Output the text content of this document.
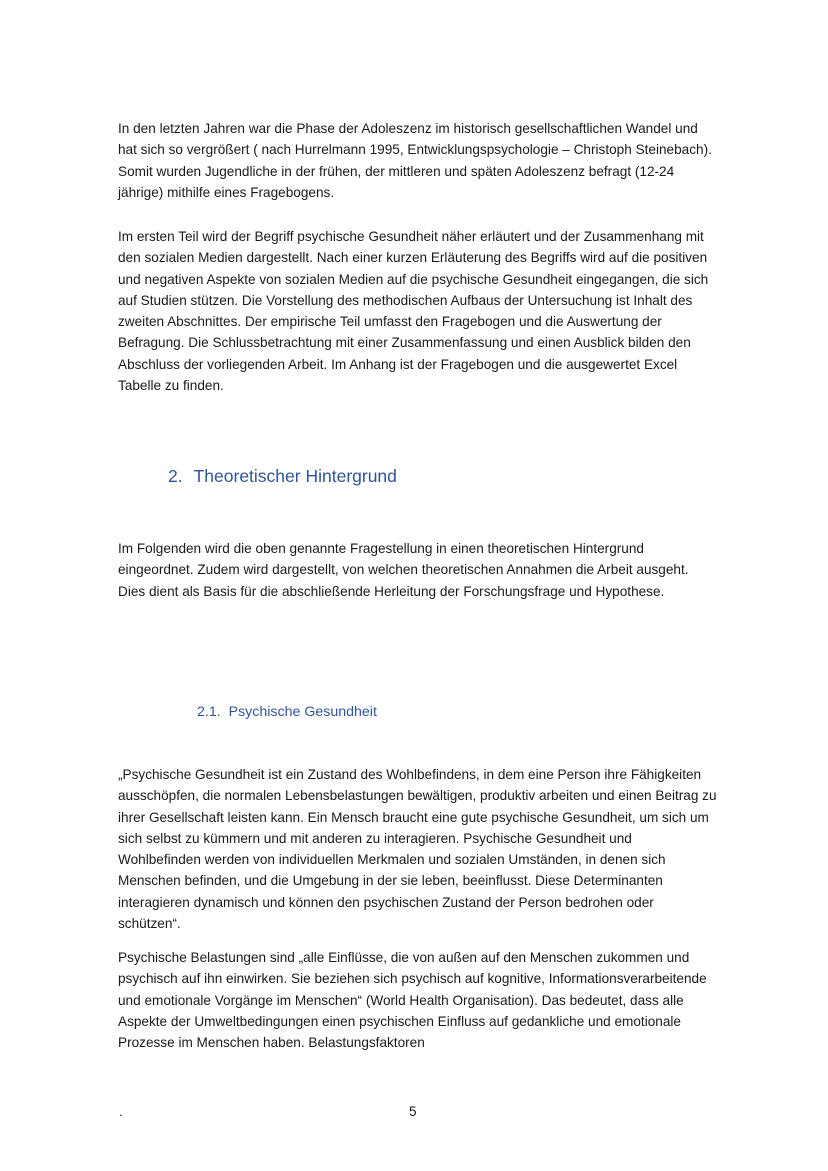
In den letzten Jahren war die Phase der Adoleszenz im historisch gesellschaftlichen Wandel und hat sich so vergrößert ( nach Hurrelmann 1995, Entwicklungspsychologie – Christoph Steinebach). Somit wurden Jugendliche in der frühen, der mittleren und späten Adoleszenz befragt (12-24 jährige) mithilfe eines Fragebogens.

Im ersten Teil wird der Begriff psychische Gesundheit näher erläutert und der Zusammenhang mit den sozialen Medien dargestellt. Nach einer kurzen Erläuterung des Begriffs wird auf die positiven und negativen Aspekte von sozialen Medien auf die psychische Gesundheit eingegangen, die sich auf Studien stützen. Die Vorstellung des methodischen Aufbaus der Untersuchung ist Inhalt des zweiten Abschnittes. Der empirische Teil umfasst den Fragebogen und die Auswertung der Befragung. Die Schlussbetrachtung mit einer Zusammenfassung und einen Ausblick bilden den Abschluss der vorliegenden Arbeit. Im Anhang ist der Fragebogen und die ausgewertet Excel Tabelle zu finden.

2. Theoretischer Hintergrund

Im Folgenden wird die oben genannte Fragestellung in einen theoretischen Hintergrund eingeordnet. Zudem wird dargestellt, von welchen theoretischen Annahmen die Arbeit ausgeht. Dies dient als Basis für die abschließende Herleitung der Forschungsfrage und Hypothese.

2.1. Psychische Gesundheit

„Psychische Gesundheit ist ein Zustand des Wohlbefindens, in dem eine Person ihre Fähigkeiten ausschöpfen, die normalen Lebensbelastungen bewältigen, produktiv arbeiten und einen Beitrag zu ihrer Gesellschaft leisten kann. Ein Mensch braucht eine gute psychische Gesundheit, um sich um sich selbst zu kümmern und mit anderen zu interagieren. Psychische Gesundheit und Wohlbefinden werden von individuellen Merkmalen und sozialen Umständen, in denen sich Menschen befinden, und die Umgebung in der sie leben, beeinflusst. Diese Determinanten interagieren dynamisch und können den psychischen Zustand der Person bedrohen oder schützen“.

Psychische Belastungen sind „alle Einflüsse, die von außen auf den Menschen zukommen und psychisch auf ihn einwirken. Sie beziehen sich psychisch auf kognitive, Informationsverarbeitende und emotionale Vorgänge im Menschen“ (World Health Organisation). Das bedeutet, dass alle Aspekte der Umweltbedingungen einen psychischen Einfluss auf gedankliche und emotionale Prozesse im Menschen haben. Belastungsfaktoren

.	5
